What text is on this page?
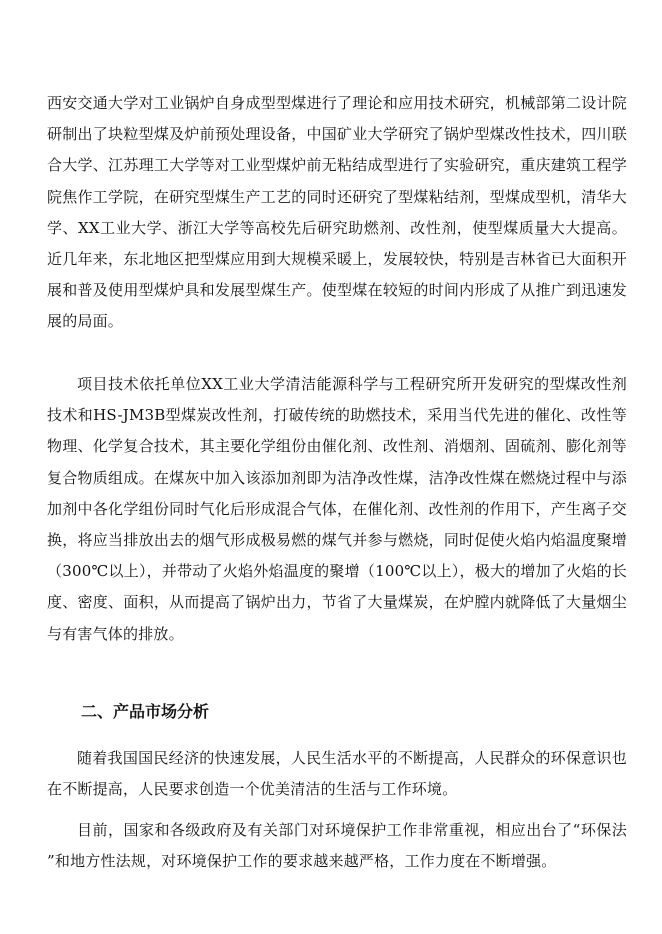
西安交通大学对工业锅炉自身成型型煤进行了理论和应用技术研究，机械部第二设计院研制出了块粒型煤及炉前预处理设备，中国矿业大学研究了锅炉型煤改性技术，四川联合大学、江苏理工大学等对工业型煤炉前无粘结成型进行了实验研究，重庆建筑工程学院焦作工学院，在研究型煤生产工艺的同时还研究了型煤粘结剂，型煤成型机，清华大学、XX工业大学、浙江大学等高校先后研究助燃剂、改性剂，使型煤质量大大提高。近几年来，东北地区把型煤应用到大规模采暖上，发展较快，特别是吉林省已大面积开展和普及使用型煤炉具和发展型煤生产。使型煤在较短的时间内形成了从推广到迅速发展的局面。

项目技术依托单位XX工业大学清洁能源科学与工程研究所开发研究的型煤改性剂技术和HS-JM3B型煤炭改性剂，打破传统的助燃技术，采用当代先进的催化、改性等物理、化学复合技术，其主要化学组份由催化剂、改性剂、消烟剂、固硫剂、膨化剂等复合物质组成。在煤灰中加入该添加剂即为洁净改性煤，洁净改性煤在燃烧过程中与添加剂中各化学组份同时气化后形成混合气体，在催化剂、改性剂的作用下，产生离子交换，将应当排放出去的烟气形成极易燃的煤气并参与燃烧，同时促使火焰内焰温度聚增（300℃以上），并带动了火焰外焰温度的聚增（100℃以上），极大的增加了火焰的长度、密度、面积，从而提高了锅炉出力，节省了大量煤炭，在炉膛内就降低了大量烟尘与有害气体的排放。

二、产品市场分析

随着我国国民经济的快速发展，人民生活水平的不断提高，人民群众的环保意识也在不断提高，人民要求创造一个优美清洁的生活与工作环境。

目前，国家和各级政府及有关部门对环境保护工作非常重视，相应出台了“环保法 ”和地方性法规，对环境保护工作的要求越来越严格，工作力度在不断增强。
